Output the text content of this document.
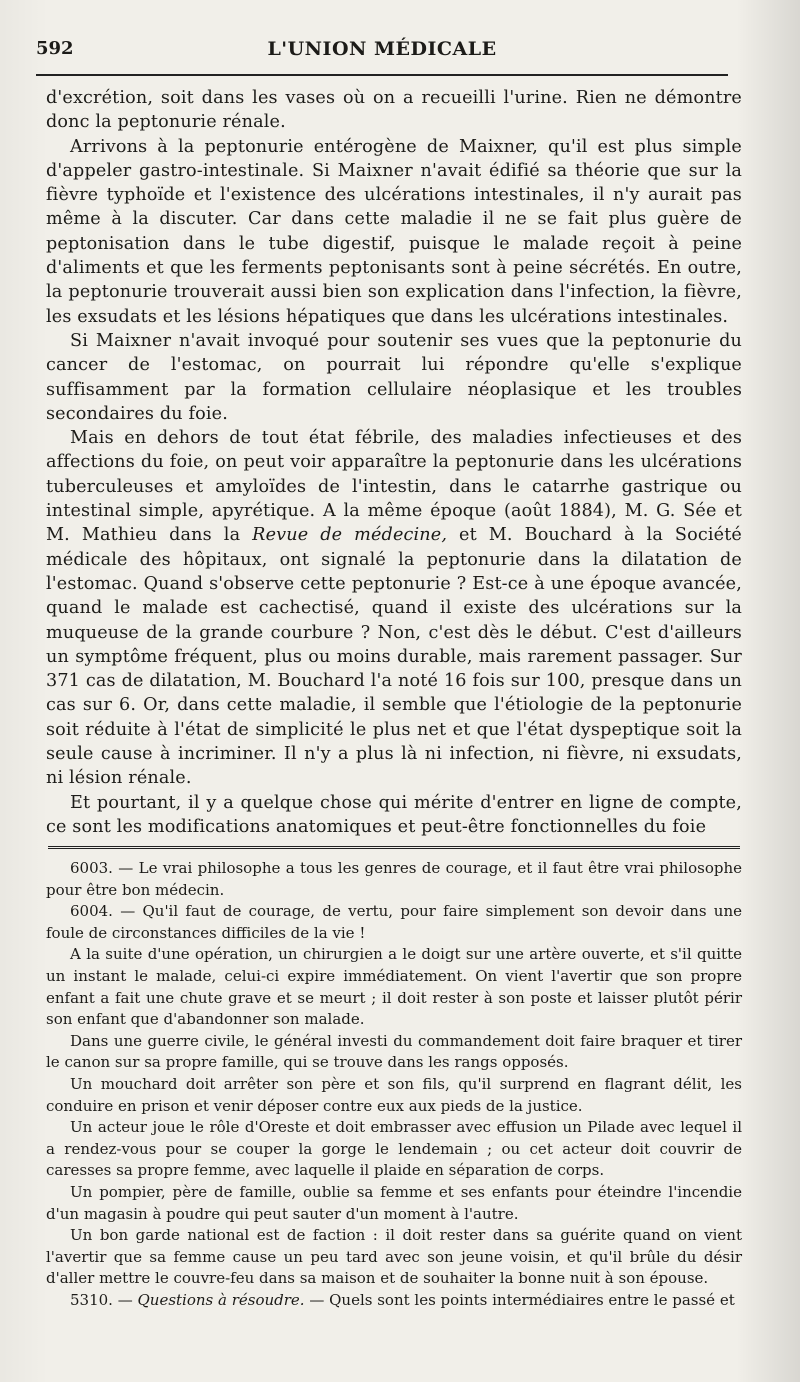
592	L'UNION MÉDICALE

d'excrétion, soit dans les vases où on a recueilli l'urine. Rien ne démontre donc la peptonurie rénale.

Arrivons à la peptonurie entérogène de Maixner, qu'il est plus simple d'appeler gastro-intestinale. Si Maixner n'avait édifié sa théorie que sur la fièvre typhoïde et l'existence des ulcérations intestinales, il n'y aurait pas même à la discuter. Car dans cette maladie il ne se fait plus guère de peptonisation dans le tube digestif, puisque le malade reçoit à peine d'aliments et que les ferments peptonisants sont à peine sécrétés. En outre, la peptonurie trouverait aussi bien son explication dans l'infection, la fièvre, les exsudats et les lésions hépatiques que dans les ulcérations intestinales.

Si Maixner n'avait invoqué pour soutenir ses vues que la peptonurie du cancer de l'estomac, on pourrait lui répondre qu'elle s'explique suffisamment par la formation cellulaire néoplasique et les troubles secondaires du foie.

Mais en dehors de tout état fébrile, des maladies infectieuses et des affections du foie, on peut voir apparaître la peptonurie dans les ulcérations tuberculeuses et amyloïdes de l'intestin, dans le catarrhe gastrique ou intestinal simple, apyrétique. A la même époque (août 1884), M. G. Sée et M. Mathieu dans la Revue de médecine, et M. Bouchard à la Société médicale des hôpitaux, ont signalé la peptonurie dans la dilatation de l'estomac. Quand s'observe cette peptonurie ? Est-ce à une époque avancée, quand le malade est cachectisé, quand il existe des ulcérations sur la muqueuse de la grande courbure ? Non, c'est dès le début. C'est d'ailleurs un symptôme fréquent, plus ou moins durable, mais rarement passager. Sur 371 cas de dilatation, M. Bouchard l'a noté 16 fois sur 100, presque dans un cas sur 6. Or, dans cette maladie, il semble que l'étiologie de la peptonurie soit réduite à l'état de simplicité le plus net et que l'état dyspeptique soit la seule cause à incriminer. Il n'y a plus là ni infection, ni fièvre, ni exsudats, ni lésion rénale.

Et pourtant, il y a quelque chose qui mérite d'entrer en ligne de compte, ce sont les modifications anatomiques et peut-être fonctionnelles du foie

6003. — Le vrai philosophe a tous les genres de courage, et il faut être vrai philosophe pour être bon médecin.

6004. — Qu'il faut de courage, de vertu, pour faire simplement son devoir dans une foule de circonstances difficiles de la vie !

A la suite d'une opération, un chirurgien a le doigt sur une artère ouverte, et s'il quitte un instant le malade, celui-ci expire immédiatement. On vient l'avertir que son propre enfant a fait une chute grave et se meurt ; il doit rester à son poste et laisser plutôt périr son enfant que d'abandonner son malade.

Dans une guerre civile, le général investi du commandement doit faire braquer et tirer le canon sur sa propre famille, qui se trouve dans les rangs opposés.

Un mouchard doit arrêter son père et son fils, qu'il surprend en flagrant délit, les conduire en prison et venir déposer contre eux aux pieds de la justice.

Un acteur joue le rôle d'Oreste et doit embrasser avec effusion un Pilade avec lequel il a rendez-vous pour se couper la gorge le lendemain ; ou cet acteur doit couvrir de caresses sa propre femme, avec laquelle il plaide en séparation de corps.

Un pompier, père de famille, oublie sa femme et ses enfants pour éteindre l'incendie d'un magasin à poudre qui peut sauter d'un moment à l'autre.

Un bon garde national est de faction : il doit rester dans sa guérite quand on vient l'avertir que sa femme cause un peu tard avec son jeune voisin, et qu'il brûle du désir d'aller mettre le couvre-feu dans sa maison et de souhaiter la bonne nuit à son épouse.

5310. — Questions à résoudre. — Quels sont les points intermédiaires entre le passé et
